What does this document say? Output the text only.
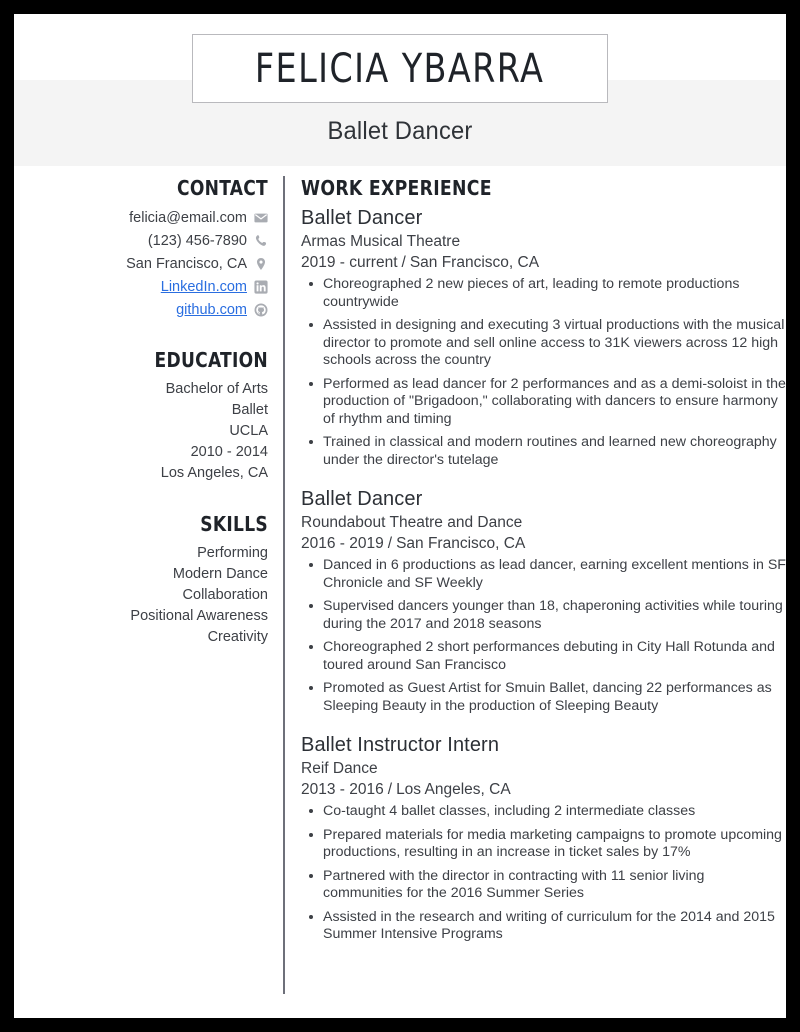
FELICIA YBARRA
Ballet Dancer
CONTACT
felicia@email.com
(123) 456-7890
San Francisco, CA
LinkedIn.com
github.com
EDUCATION
Bachelor of Arts
Ballet
UCLA
2010 - 2014
Los Angeles, CA
SKILLS
Performing
Modern Dance
Collaboration
Positional Awareness
Creativity
WORK EXPERIENCE
Ballet Dancer
Armas Musical Theatre
2019 - current / San Francisco, CA
Choreographed 2 new pieces of art, leading to remote productions countrywide
Assisted in designing and executing 3 virtual productions with the musical director to promote and sell online access to 31K viewers across 12 high schools across the country
Performed as lead dancer for 2 performances and as a demi-soloist in the production of "Brigadoon," collaborating with dancers to ensure harmony of rhythm and timing
Trained in classical and modern routines and learned new choreography under the director's tutelage
Ballet Dancer
Roundabout Theatre and Dance
2016 - 2019 / San Francisco, CA
Danced in 6 productions as lead dancer, earning excellent mentions in SF Chronicle and SF Weekly
Supervised dancers younger than 18, chaperoning activities while touring during the 2017 and 2018 seasons
Choreographed 2 short performances debuting in City Hall Rotunda and toured around San Francisco
Promoted as Guest Artist for Smuin Ballet, dancing 22 performances as Sleeping Beauty in the production of Sleeping Beauty
Ballet Instructor Intern
Reif Dance
2013 - 2016 / Los Angeles, CA
Co-taught 4 ballet classes, including 2 intermediate classes
Prepared materials for media marketing campaigns to promote upcoming productions, resulting in an increase in ticket sales by 17%
Partnered with the director in contracting with 11 senior living communities for the 2016 Summer Series
Assisted in the research and writing of curriculum for the 2014 and 2015 Summer Intensive Programs
